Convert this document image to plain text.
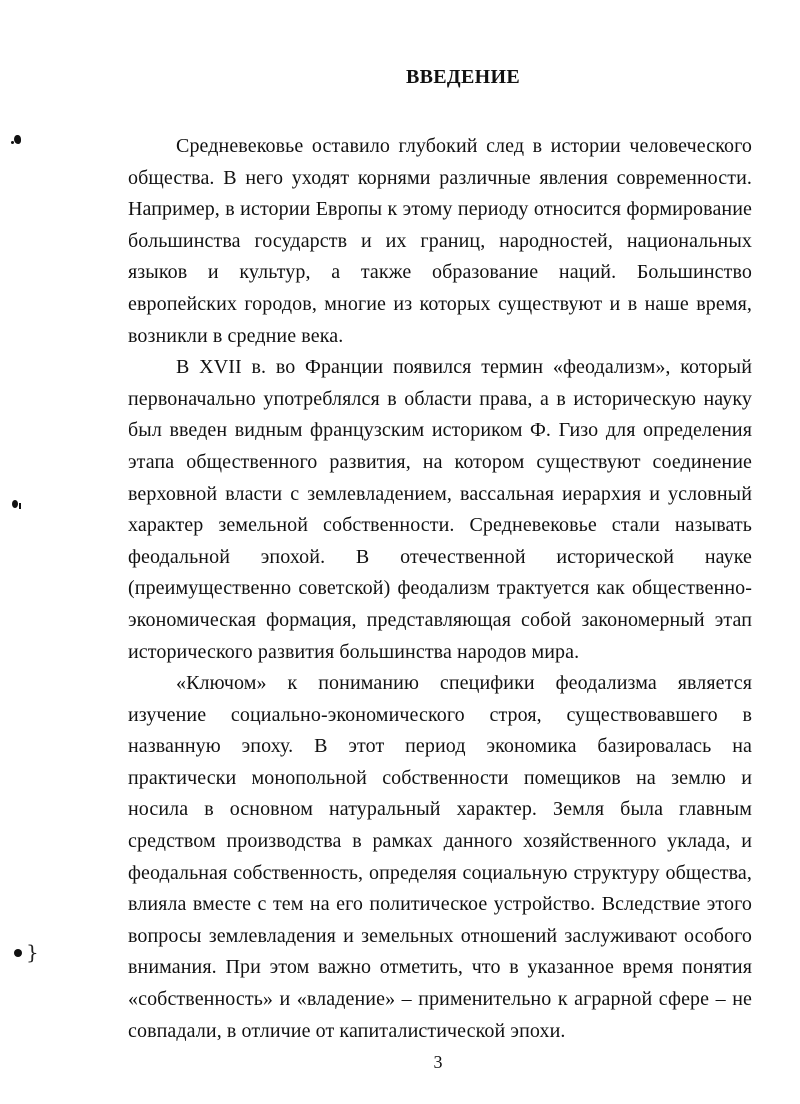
}
ВВЕДЕНИЕ

Средневековье оставило глубокий след в истории человеческого общества. В него уходят корнями различные явления современности. Например, в истории Европы к этому периоду относится формирование большинства государств и их границ, народностей, национальных языков и культур, а также образование наций. Большинство европейских городов, многие из которых существуют и в наше время, возникли в средние века.

В XVII в. во Франции появился термин «феодализм», который первоначально употреблялся в области права, а в историческую науку был введен видным французским историком Ф. Гизо для определения этапа общественного развития, на котором существуют соединение верховной власти с землевладением, вассальная иерархия и условный характер земельной собственности. Средневековье стали называть феодальной эпохой. В отечественной исторической науке (преимущественно советской) феодализм трактуется как общественно-экономическая формация, представляющая собой закономерный этап исторического развития большинства народов мира.

«Ключом» к пониманию специфики феодализма является изучение социально-экономического строя, существовавшего в названную эпоху. В этот период экономика базировалась на практически монопольной собственности помещиков на землю и носила в основном натуральный характер. Земля была главным средством производства в рамках данного хозяйственного уклада, и феодальная собственность, определяя социальную структуру общества, влияла вместе с тем на его политическое устройство. Вследствие этого вопросы землевладения и земельных отношений заслуживают особого внимания. При этом важно отметить, что в указанное время понятия «собственность» и «владение» – применительно к аграрной сфере – не совпадали, в отличие от капиталистической эпохи.

3
